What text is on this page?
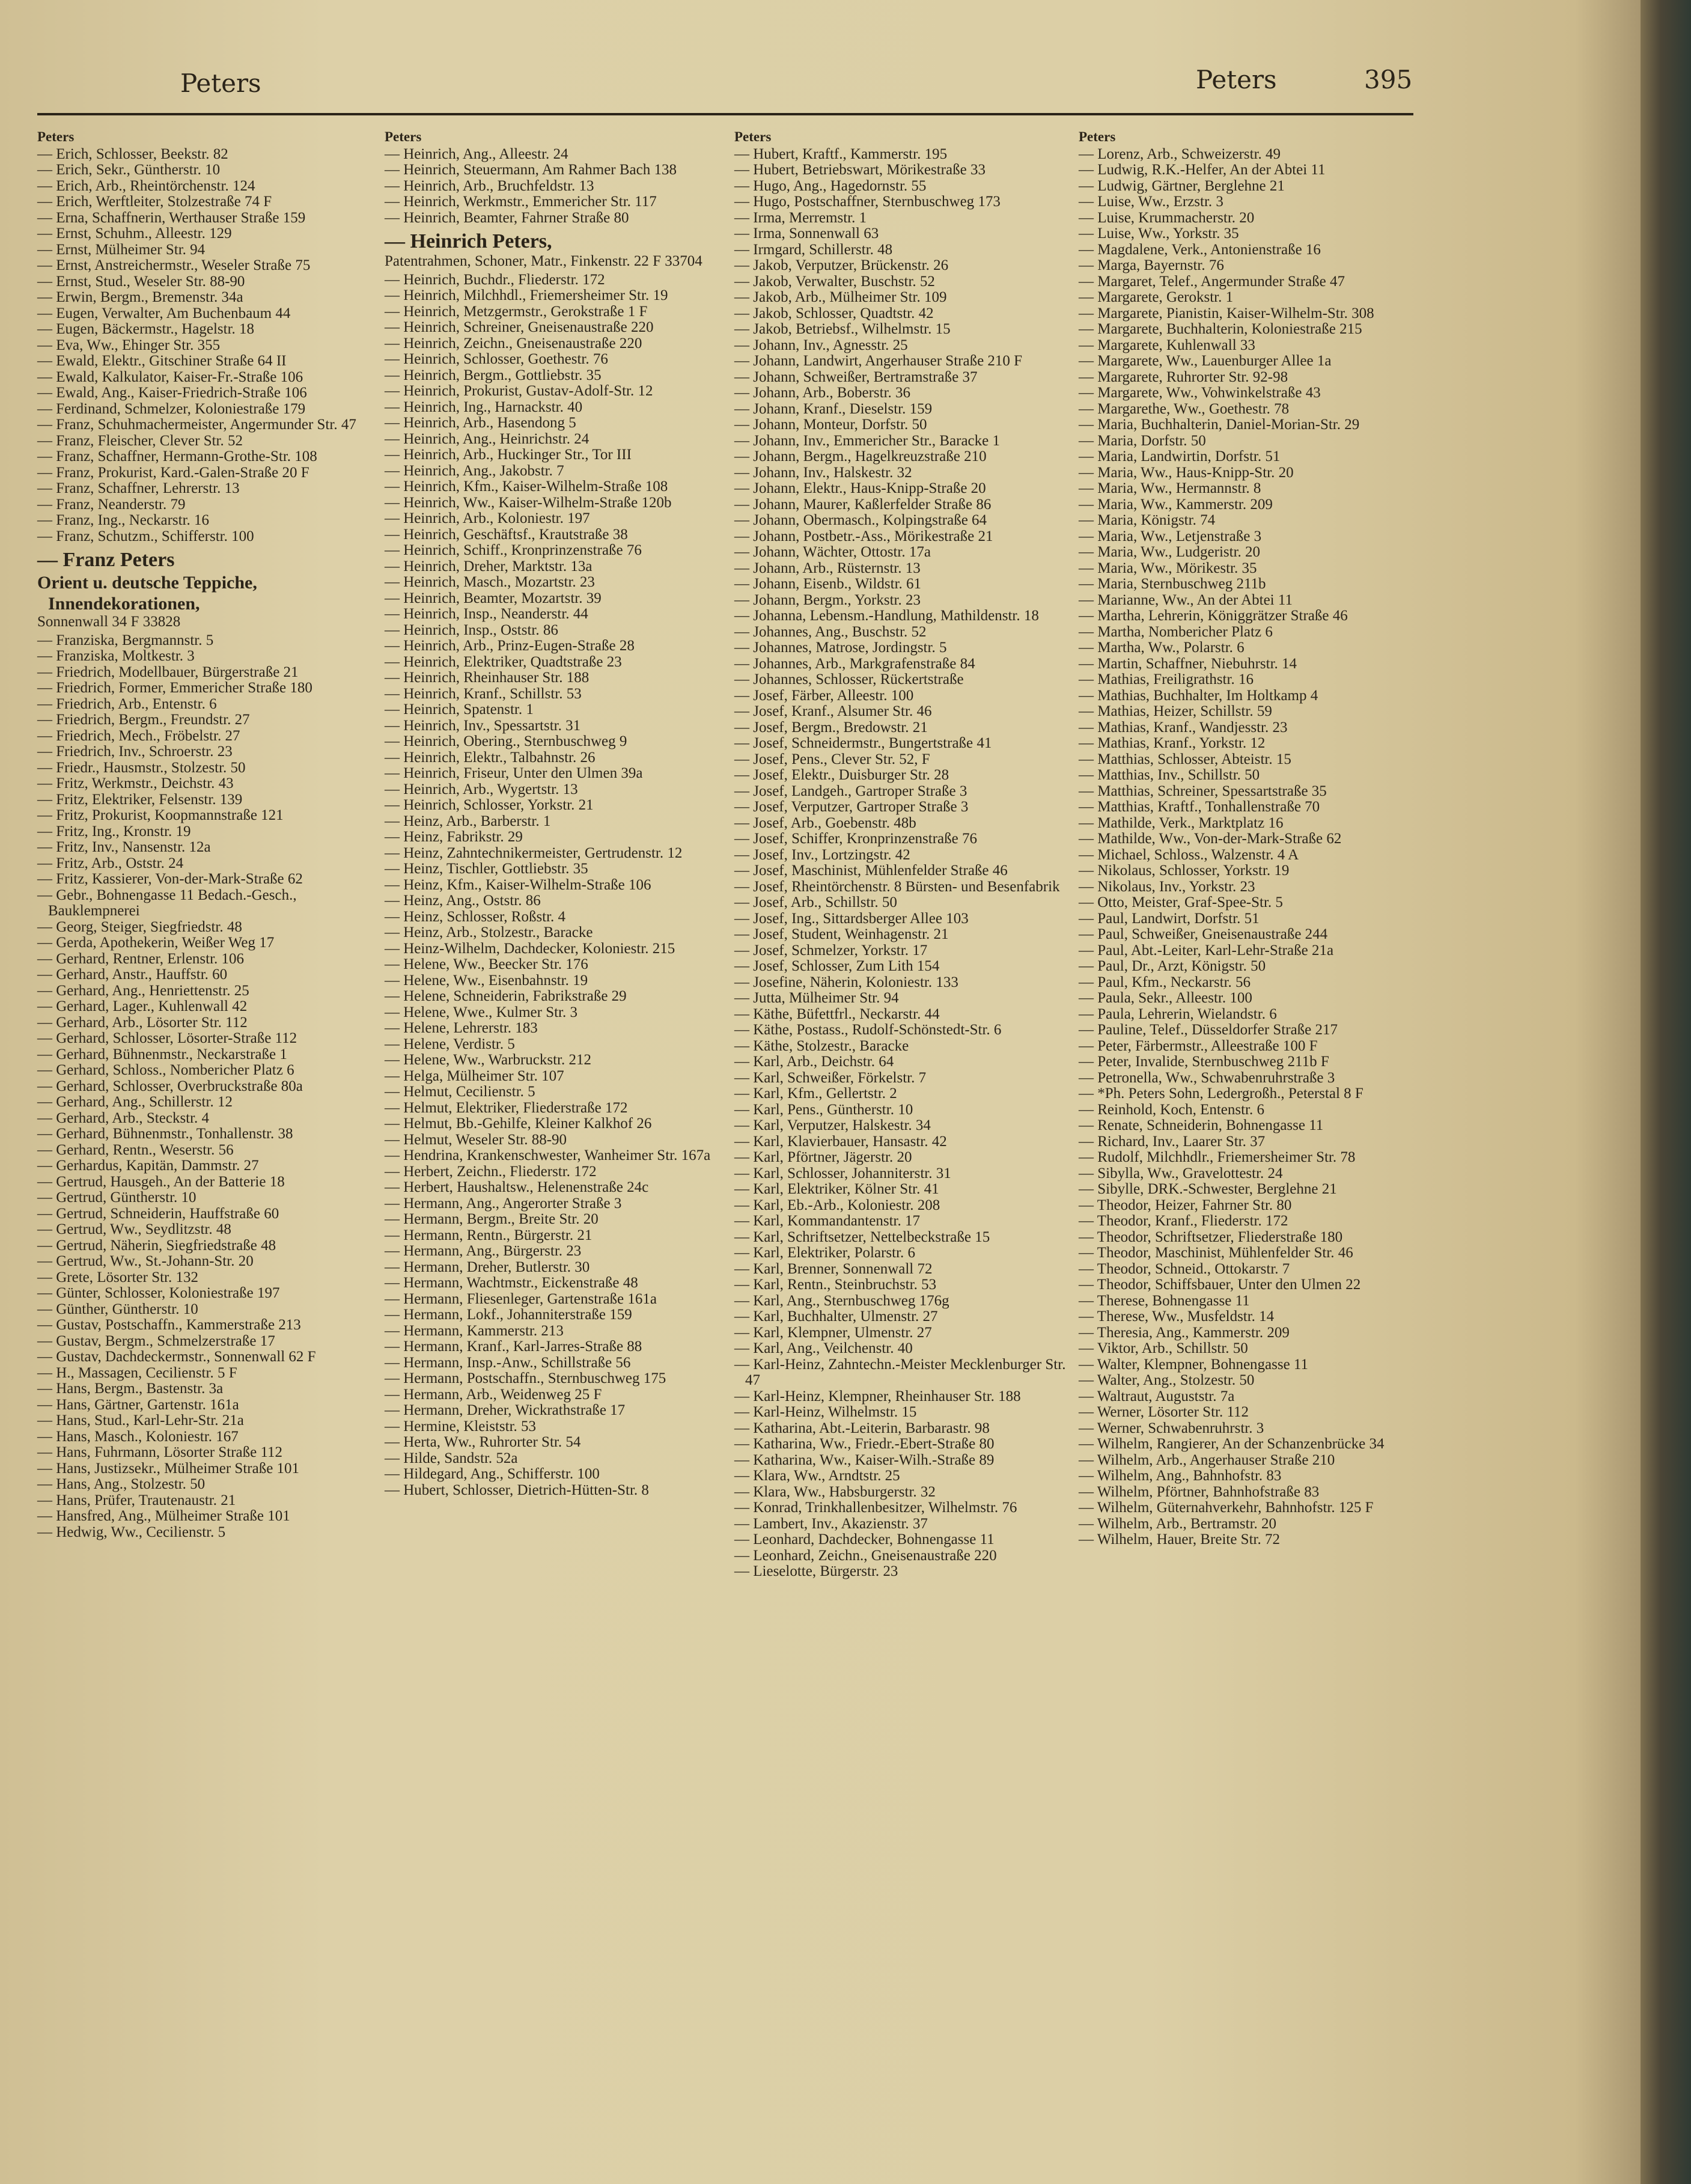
Peters	Peters	395
Peters

— Erich, Schlosser, Beekstr. 82

— Erich, Sekr., Güntherstr. 10

— Erich, Arb., Rheintörchenstr. 124

— Erich, Werftleiter, Stolzestraße 74 F

— Erna, Schaffnerin, Werthauser Straße 159

— Ernst, Schuhm., Alleestr. 129

— Ernst, Mülheimer Str. 94

— Ernst, Anstreichermstr., Weseler Straße 75

— Ernst, Stud., Weseler Str. 88-90

— Erwin, Bergm., Bremenstr. 34a

— Eugen, Verwalter, Am Buchenbaum 44

— Eugen, Bäckermstr., Hagelstr. 18

— Eva, Ww., Ehinger Str. 355

— Ewald, Elektr., Gitschiner Straße 64 II

— Ewald, Kalkulator, Kaiser-Fr.-Straße 106

— Ewald, Ang., Kaiser-Friedrich-Straße 106

— Ferdinand, Schmelzer, Koloniestraße 179

— Franz, Schuhmachermeister, Angermunder Str. 47

— Franz, Fleischer, Clever Str. 52

— Franz, Schaffner, Hermann-Grothe-Str. 108

— Franz, Prokurist, Kard.-Galen-Straße 20 F

— Franz, Schaffner, Lehrerstr. 13

— Franz, Neanderstr. 79

— Franz, Ing., Neckarstr. 16

— Franz, Schutzm., Schifferstr. 100

— Franz Peters
Orient u. deutsche Teppiche, Innendekorationen,
Sonnenwall 34 F 33828

— Franziska, Bergmannstr. 5

— Franziska, Moltkestr. 3

— Friedrich, Modellbauer, Bürgerstraße 21

— Friedrich, Former, Emmericher Straße 180

— Friedrich, Arb., Entenstr. 6

— Friedrich, Bergm., Freundstr. 27

— Friedrich, Mech., Fröbelstr. 27

— Friedrich, Inv., Schroerstr. 23

— Friedr., Hausmstr., Stolzestr. 50

— Fritz, Werkmstr., Deichstr. 43

— Fritz, Elektriker, Felsenstr. 139

— Fritz, Prokurist, Koopmannstraße 121

— Fritz, Ing., Kronstr. 19

— Fritz, Inv., Nansenstr. 12a

— Fritz, Arb., Oststr. 24

— Fritz, Kassierer, Von-der-Mark-Straße 62

— Gebr., Bohnengasse 11 Bedach.-Gesch., Bauklempnerei

— Georg, Steiger, Siegfriedstr. 48

— Gerda, Apothekerin, Weißer Weg 17

— Gerhard, Rentner, Erlenstr. 106

— Gerhard, Anstr., Hauffstr. 60

— Gerhard, Ang., Henriettenstr. 25

— Gerhard, Lager., Kuhlenwall 42

— Gerhard, Arb., Lösorter Str. 112

— Gerhard, Schlosser, Lösorter-Straße 112

— Gerhard, Bühnenmstr., Neckarstraße 1

— Gerhard, Schloss., Nombericher Platz 6

— Gerhard, Schlosser, Overbruckstraße 80a

— Gerhard, Ang., Schillerstr. 12

— Gerhard, Arb., Steckstr. 4

— Gerhard, Bühnenmstr., Tonhallenstr. 38

— Gerhard, Rentn., Weserstr. 56

— Gerhardus, Kapitän, Dammstr. 27

— Gertrud, Hausgeh., An der Batterie 18

— Gertrud, Güntherstr. 10

— Gertrud, Schneiderin, Hauffstraße 60

— Gertrud, Ww., Seydlitzstr. 48

— Gertrud, Näherin, Siegfriedstraße 48

— Gertrud, Ww., St.-Johann-Str. 20

— Grete, Lösorter Str. 132

— Günter, Schlosser, Koloniestraße 197

— Günther, Güntherstr. 10

— Gustav, Postschaffn., Kammerstraße 213

— Gustav, Bergm., Schmelzerstraße 17

— Gustav, Dachdeckermstr., Sonnenwall 62 F

— H., Massagen, Cecilienstr. 5 F

— Hans, Bergm., Bastenstr. 3a

— Hans, Gärtner, Gartenstr. 161a

— Hans, Stud., Karl-Lehr-Str. 21a

— Hans, Masch., Koloniestr. 167

— Hans, Fuhrmann, Lösorter Straße 112

— Hans, Justizsekr., Mülheimer Straße 101

— Hans, Ang., Stolzestr. 50

— Hans, Prüfer, Trautenaustr. 21

— Hansfred, Ang., Mülheimer Straße 101

— Hedwig, Ww., Cecilienstr. 5

Peters

— Heinrich, Ang., Alleestr. 24

— Heinrich, Steuermann, Am Rahmer Bach 138

— Heinrich, Arb., Bruchfeldstr. 13

— Heinrich, Werkmstr., Emmericher Str. 117

— Heinrich, Beamter, Fahrner Straße 80

— Heinrich Peters,
Patentrahmen, Schoner, Matr., Finkenstr. 22 F 33704

— Heinrich, Buchdr., Fliederstr. 172

— Heinrich, Milchhdl., Friemersheimer Str. 19

— Heinrich, Metzgermstr., Gerokstraße 1 F

— Heinrich, Schreiner, Gneisenaustraße 220

— Heinrich, Zeichn., Gneisenaustraße 220

— Heinrich, Schlosser, Goethestr. 76

— Heinrich, Bergm., Gottliebstr. 35

— Heinrich, Prokurist, Gustav-Adolf-Str. 12

— Heinrich, Ing., Harnackstr. 40

— Heinrich, Arb., Hasendong 5

— Heinrich, Ang., Heinrichstr. 24

— Heinrich, Arb., Huckinger Str., Tor III

— Heinrich, Ang., Jakobstr. 7

— Heinrich, Kfm., Kaiser-Wilhelm-Straße 108

— Heinrich, Ww., Kaiser-Wilhelm-Straße 120b

— Heinrich, Arb., Koloniestr. 197

— Heinrich, Geschäftsf., Krautstraße 38

— Heinrich, Schiff., Kronprinzenstraße 76

— Heinrich, Dreher, Marktstr. 13a

— Heinrich, Masch., Mozartstr. 23

— Heinrich, Beamter, Mozartstr. 39

— Heinrich, Insp., Neanderstr. 44

— Heinrich, Insp., Oststr. 86

— Heinrich, Arb., Prinz-Eugen-Straße 28

— Heinrich, Elektriker, Quadtstraße 23

— Heinrich, Rheinhauser Str. 188

— Heinrich, Kranf., Schillstr. 53

— Heinrich, Spatenstr. 1

— Heinrich, Inv., Spessartstr. 31

— Heinrich, Obering., Sternbuschweg 9

— Heinrich, Elektr., Talbahnstr. 26

— Heinrich, Friseur, Unter den Ulmen 39a

— Heinrich, Arb., Wygertstr. 13

— Heinrich, Schlosser, Yorkstr. 21

— Heinz, Arb., Barberstr. 1

— Heinz, Fabrikstr. 29

— Heinz, Zahntechnikermeister, Gertrudenstr. 12

— Heinz, Tischler, Gottliebstr. 35

— Heinz, Kfm., Kaiser-Wilhelm-Straße 106

— Heinz, Ang., Oststr. 86

— Heinz, Schlosser, Roßstr. 4

— Heinz, Arb., Stolzestr., Baracke

— Heinz-Wilhelm, Dachdecker, Koloniestr. 215

— Helene, Ww., Beecker Str. 176

— Helene, Ww., Eisenbahnstr. 19

— Helene, Schneiderin, Fabrikstraße 29

— Helene, Wwe., Kulmer Str. 3

— Helene, Lehrerstr. 183

— Helene, Verdistr. 5

— Helene, Ww., Warbruckstr. 212

— Helga, Mülheimer Str. 107

— Helmut, Cecilienstr. 5

— Helmut, Elektriker, Fliederstraße 172

— Helmut, Bb.-Gehilfe, Kleiner Kalkhof 26

— Helmut, Weseler Str. 88-90

— Hendrina, Krankenschwester, Wanheimer Str. 167a

— Herbert, Zeichn., Fliederstr. 172

— Herbert, Haushaltsw., Helenenstraße 24c

— Hermann, Ang., Angerorter Straße 3

— Hermann, Bergm., Breite Str. 20

— Hermann, Rentn., Bürgerstr. 21

— Hermann, Ang., Bürgerstr. 23

— Hermann, Dreher, Butlerstr. 30

— Hermann, Wachtmstr., Eickenstraße 48

— Hermann, Fliesenleger, Gartenstraße 161a

— Hermann, Lokf., Johanniterstraße 159

— Hermann, Kammerstr. 213

— Hermann, Kranf., Karl-Jarres-Straße 88

— Hermann, Insp.-Anw., Schillstraße 56

— Hermann, Postschaffn., Sternbuschweg 175

— Hermann, Arb., Weidenweg 25 F

— Hermann, Dreher, Wickrathstraße 17

— Hermine, Kleiststr. 53

— Herta, Ww., Ruhrorter Str. 54

— Hilde, Sandstr. 52a

— Hildegard, Ang., Schifferstr. 100

— Hubert, Schlosser, Dietrich-Hütten-Str. 8

Peters

— Hubert, Kraftf., Kammerstr. 195

— Hubert, Betriebswart, Mörikestraße 33

— Hugo, Ang., Hagedornstr. 55

— Hugo, Postschaffner, Sternbuschweg 173

— Irma, Merremstr. 1

— Irma, Sonnenwall 63

— Irmgard, Schillerstr. 48

— Jakob, Verputzer, Brückenstr. 26

— Jakob, Verwalter, Buschstr. 52

— Jakob, Arb., Mülheimer Str. 109

— Jakob, Schlosser, Quadtstr. 42

— Jakob, Betriebsf., Wilhelmstr. 15

— Johann, Inv., Agnesstr. 25

— Johann, Landwirt, Angerhauser Straße 210 F

— Johann, Schweißer, Bertramstraße 37

— Johann, Arb., Boberstr. 36

— Johann, Kranf., Dieselstr. 159

— Johann, Monteur, Dorfstr. 50

— Johann, Inv., Emmericher Str., Baracke 1

— Johann, Bergm., Hagelkreuzstraße 210

— Johann, Inv., Halskestr. 32

— Johann, Elektr., Haus-Knipp-Straße 20

— Johann, Maurer, Kaßlerfelder Straße 86

— Johann, Obermasch., Kolpingstraße 64

— Johann, Postbetr.-Ass., Mörikestraße 21

— Johann, Wächter, Ottostr. 17a

— Johann, Arb., Rüsternstr. 13

— Johann, Eisenb., Wildstr. 61

— Johann, Bergm., Yorkstr. 23

— Johanna, Lebensm.-Handlung, Mathildenstr. 18

— Johannes, Ang., Buschstr. 52

— Johannes, Matrose, Jordingstr. 5

— Johannes, Arb., Markgrafenstraße 84

— Johannes, Schlosser, Rückertstraße

— Josef, Färber, Alleestr. 100

— Josef, Kranf., Alsumer Str. 46

— Josef, Bergm., Bredowstr. 21

— Josef, Schneidermstr., Bungertstraße 41

— Josef, Pens., Clever Str. 52, F

— Josef, Elektr., Duisburger Str. 28

— Josef, Landgeh., Gartroper Straße 3

— Josef, Verputzer, Gartroper Straße 3

— Josef, Arb., Goebenstr. 48b

— Josef, Schiffer, Kronprinzenstraße 76

— Josef, Inv., Lortzingstr. 42

— Josef, Maschinist, Mühlenfelder Straße 46

— Josef, Rheintörchenstr. 8 Bürsten- und Besenfabrik

— Josef, Arb., Schillstr. 50

— Josef, Ing., Sittardsberger Allee 103

— Josef, Student, Weinhagenstr. 21

— Josef, Schmelzer, Yorkstr. 17

— Josef, Schlosser, Zum Lith 154

— Josefine, Näherin, Koloniestr. 133

— Jutta, Mülheimer Str. 94

— Käthe, Büfettfrl., Neckarstr. 44

— Käthe, Postass., Rudolf-Schönstedt-Str. 6

— Käthe, Stolzestr., Baracke

— Karl, Arb., Deichstr. 64

— Karl, Schweißer, Förkelstr. 7

— Karl, Kfm., Gellertstr. 2

— Karl, Pens., Güntherstr. 10

— Karl, Verputzer, Halskestr. 34

— Karl, Klavierbauer, Hansastr. 42

— Karl, Pförtner, Jägerstr. 20

— Karl, Schlosser, Johanniterstr. 31

— Karl, Elektriker, Kölner Str. 41

— Karl, Eb.-Arb., Koloniestr. 208

— Karl, Kommandantenstr. 17

— Karl, Schriftsetzer, Nettelbeckstraße 15

— Karl, Elektriker, Polarstr. 6

— Karl, Brenner, Sonnenwall 72

— Karl, Rentn., Steinbruchstr. 53

— Karl, Ang., Sternbuschweg 176g

— Karl, Buchhalter, Ulmenstr. 27

— Karl, Klempner, Ulmenstr. 27

— Karl, Ang., Veilchenstr. 40

— Karl-Heinz, Zahntechn.-Meister Mecklenburger Str. 47

— Karl-Heinz, Klempner, Rheinhauser Str. 188

— Karl-Heinz, Wilhelmstr. 15

— Katharina, Abt.-Leiterin, Barbarastr. 98

— Katharina, Ww., Friedr.-Ebert-Straße 80

— Katharina, Ww., Kaiser-Wilh.-Straße 89

— Klara, Ww., Arndtstr. 25

— Klara, Ww., Habsburgerstr. 32

— Konrad, Trinkhallenbesitzer, Wilhelmstr. 76

— Lambert, Inv., Akazienstr. 37

— Leonhard, Dachdecker, Bohnengasse 11

— Leonhard, Zeichn., Gneisenaustraße 220

— Lieselotte, Bürgerstr. 23

Peters

— Lorenz, Arb., Schweizerstr. 49

— Ludwig, R.K.-Helfer, An der Abtei 11

— Ludwig, Gärtner, Berglehne 21

— Luise, Ww., Erzstr. 3

— Luise, Krummacherstr. 20

— Luise, Ww., Yorkstr. 35

— Magdalene, Verk., Antonienstraße 16

— Marga, Bayernstr. 76

— Margaret, Telef., Angermunder Straße 47

— Margarete, Gerokstr. 1

— Margarete, Pianistin, Kaiser-Wilhelm-Str. 308

— Margarete, Buchhalterin, Koloniestraße 215

— Margarete, Kuhlenwall 33

— Margarete, Ww., Lauenburger Allee 1a

— Margarete, Ruhrorter Str. 92-98

— Margarete, Ww., Vohwinkelstraße 43

— Margarethe, Ww., Goethestr. 78

— Maria, Buchhalterin, Daniel-Morian-Str. 29

— Maria, Dorfstr. 50

— Maria, Landwirtin, Dorfstr. 51

— Maria, Ww., Haus-Knipp-Str. 20

— Maria, Ww., Hermannstr. 8

— Maria, Ww., Kammerstr. 209

— Maria, Königstr. 74

— Maria, Ww., Letjenstraße 3

— Maria, Ww., Ludgeristr. 20

— Maria, Ww., Mörikestr. 35

— Maria, Sternbuschweg 211b

— Marianne, Ww., An der Abtei 11

— Martha, Lehrerin, Königgrätzer Straße 46

— Martha, Nombericher Platz 6

— Martha, Ww., Polarstr. 6

— Martin, Schaffner, Niebuhrstr. 14

— Mathias, Freiligrathstr. 16

— Mathias, Buchhalter, Im Holtkamp 4

— Mathias, Heizer, Schillstr. 59

— Mathias, Kranf., Wandjesstr. 23

— Mathias, Kranf., Yorkstr. 12

— Matthias, Schlosser, Abteistr. 15

— Matthias, Inv., Schillstr. 50

— Matthias, Schreiner, Spessartstraße 35

— Matthias, Kraftf., Tonhallenstraße 70

— Mathilde, Verk., Marktplatz 16

— Mathilde, Ww., Von-der-Mark-Straße 62

— Michael, Schloss., Walzenstr. 4 A

— Nikolaus, Schlosser, Yorkstr. 19

— Nikolaus, Inv., Yorkstr. 23

— Otto, Meister, Graf-Spee-Str. 5

— Paul, Landwirt, Dorfstr. 51

— Paul, Schweißer, Gneisenaustraße 244

— Paul, Abt.-Leiter, Karl-Lehr-Straße 21a

— Paul, Dr., Arzt, Königstr. 50

— Paul, Kfm., Neckarstr. 56

— Paula, Sekr., Alleestr. 100

— Paula, Lehrerin, Wielandstr. 6

— Pauline, Telef., Düsseldorfer Straße 217

— Peter, Färbermstr., Alleestraße 100 F

— Peter, Invalide, Sternbuschweg 211b F

— Petronella, Ww., Schwabenruhrstraße 3

— *Ph. Peters Sohn, Ledergroßh., Peterstal 8 F

— Reinhold, Koch, Entenstr. 6

— Renate, Schneiderin, Bohnengasse 11

— Richard, Inv., Laarer Str. 37

— Rudolf, Milchhdlr., Friemersheimer Str. 78

— Sibylla, Ww., Gravelottestr. 24

— Sibylle, DRK.-Schwester, Berglehne 21

— Theodor, Heizer, Fahrner Str. 80

— Theodor, Kranf., Fliederstr. 172

— Theodor, Schriftsetzer, Fliederstraße 180

— Theodor, Maschinist, Mühlenfelder Str. 46

— Theodor, Schneid., Ottokarstr. 7

— Theodor, Schiffsbauer, Unter den Ulmen 22

— Therese, Bohnengasse 11

— Therese, Ww., Musfeldstr. 14

— Theresia, Ang., Kammerstr. 209

— Viktor, Arb., Schillstr. 50

— Walter, Klempner, Bohnengasse 11

— Walter, Ang., Stolzestr. 50

— Waltraut, Auguststr. 7a

— Werner, Lösorter Str. 112

— Werner, Schwabenruhrstr. 3

— Wilhelm, Rangierer, An der Schanzenbrücke 34

— Wilhelm, Arb., Angerhauser Straße 210

— Wilhelm, Ang., Bahnhofstr. 83

— Wilhelm, Pförtner, Bahnhofstraße 83

— Wilhelm, Güternahverkehr, Bahnhofstr. 125 F

— Wilhelm, Arb., Bertramstr. 20

— Wilhelm, Hauer, Breite Str. 72
